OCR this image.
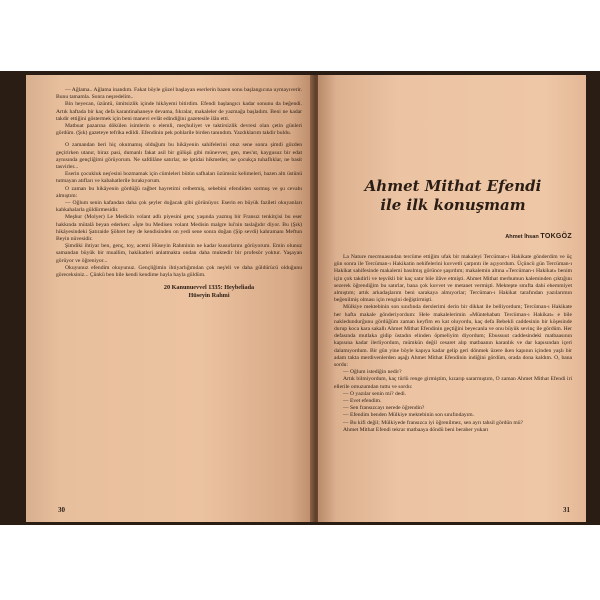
— Ağlama.. Ağlama inandım. Fakat böyle güzel başlayan eserlerin bazen sonu başlangıcına uymayıverir. Bunu tamamla. Sonra neşredelim..

Bin heyecan, üzüntü, ümitsizlik içinde hikâyemi bitirdim. Efendi başlangıcı kadar sonunu da beğendi. Artık haftada bir kaç defa karantinahaneye devama, fıkralar, makaleler de yazmağa başladım. Beni ne kadar takdir ettiğini göstermek için beni manevi evlât edindiğini gazetesile ilân etti.

Matbuat pazarına dökülen isimlerin o elemli, meçhuliyet ve taktirsizlik devresi olan çetin günleri gördüm. (Şık) gazeteye tefrika edildi. Efendinin pek pohlarile birden tanındım. Yazdıklarım takdir buldu.

O zamandan beri hiç okumamış olduğum bu hikâyenin sahifelerini otuz sene sonra şimdi gözden geçirirken utanır, biraz pasi, dumanlı fakat asil bir gülüşü gibi münevver, gen, mes'ut, kaygusuz bir edat aynısında gençliğimi görüyorum. Ne safdilâne satırlar, ne iptidai hikmetler, ne çocukça tuhaflıklar, ne basit tasvirler...

Eserin çocukluk neş'esini bozmamak için cümleleri bütün safhaları üzümsüz kelimeleri, bazen altı üstünü tutmayan atıfları ve kabahatlerile bırakıyorum.

O zaman bu hikâyenin gördüğü rağbet hayretimi celbetmiş, sebebini efendiden sormuş ve şu cevabı almıştım:

— Oğlum senin kafandan daha çok şeyler doğacak gibi görünüyor. Eserin en büyük fazileti okuyanları kahkahalarla güldürmesidir.

Meşhur (Molyer) Le Medicin volant adlı piyesini genç yaşında yazmış bir Fransız tenkitçisi bu eser hakkında mütalâ beyan ederken: «İşte bu Medisen volant Medisin malgre lui'nin taslağıdır diyor. Bu (Şık) hikâyesindeki Şatıraide Şöhret bey de kendisinden on yedi sene sonra doğan (Şip sevdi) kahramanı Meftun Beyin nüvesidir.

Şimdiki ihtiyar ben, genç, toy, acemi Hüseyin Rahminin ne kadar kusurlarını görüyorum. Emin olunuz samandan büyük bir muallim, hakikatleri anlatmakta ondan daha muktedir bir profesör yoktur. Yaşayan görüyor ve öğreniyor...

Okuyunuz efendim okuyunuz. Gençliğimin ihtiyarlığımdan çok neş'eli ve daha güldürücü olduğunu göreceksiniz... Çünkü ben bile kendi kendime hayla hayla güldüm.

20 Kanunuevvel 1335: Heybeliada
Hüseyin Rahmi
30
Ahmet Mithat Efendi
ile ilk konuşmam
Ahmet İhsan TOKGÖZ

La Nature mecmuasından tercüme ettiğim ufak bir makaleyi Tercüman-ı Hakikate gönderdim ve üç gün sonra ile Tercüman-ı Hakikatin nehifelerini kuvvetli çarpıntı ile açıyordum. Üçüncü gün Tercüman-ı Hakikat sahifesinde makalemi basılmış görünce şaşırdım; makalemin altına «Tercüman-ı Hakikat» benim için çok takdirli ve teşvikli bir kaç satır bile ilâve etmişti. Ahmet Mithat merhumun kaleminden çıktığını sezerek öğrendiğim bu satırlar, bana çok kuvvet ve metanet vermişti. Mektepte smıfta dahi ehemmiyet almıştım; artık arkadaşlarım beni sarakaya almıyorlar; Tercüman-ı Hakikat tarafından yazılarımın beğenilmiş olması için rengini değiştirmişti.

Mülkiye mektebinin son sınıfında derslerimi derin bir dikkat ile belliyordum; Tercüman-ı Hakikate her hafta makale gönderiyordum: Hele makalelerimin «Müntehabatı Tercüman-ı Hakikat» e bile nakledundurğunu gördüğüm zaman keyfim en kat oluyordu, kaç defa Bebekli caddesinin bir köşesinde durup koca kara sakallı Ahmet Mithat Efendinin geçtiğini beyecanla ve onu büyük sevinç ile gördüm. Her defasında mutlaka gidip üstadın elinden öpmeliyim diyordum; Ebussuut caddesindeki matbaasının kapısına kadar ilerliyordum, mümkün değil cesaret alıp matbaanın karanlık ve dar kapısından içeri dalamıyordum. Bir gün yine böyle kapıya kadar gelip geri dönmek üzere iken kapının içinden yaşlı bir adam takta merdivenlerden aşağı Ahmet Mithat Efendinin indiğini gördüm, orada dona kaldım. O, bana sordu:

— Oğlum istediğin nedir?

Artık bilmiyordum, kaç türlü renge girmiştim, kızarıp sararmıştım, O zaman Ahmet Mithat Efendi iri ellerile omuzumdan tuttu ve sordu:

— O yazılar senin mi? dedi.

— Evet efendim.

— Sen fransızcayı nerede öğrendin?

— Efendim benden Mülkiye mektebinin son sınıfındayım.

— Bu kifi değil; Mülkiyede fransızca iyi öğrenilmez, sen ayrı tahsil gördün mü?

Ahmet Mithat Efendi tekrar matbaaya döndü beni beraber yukarı

31
